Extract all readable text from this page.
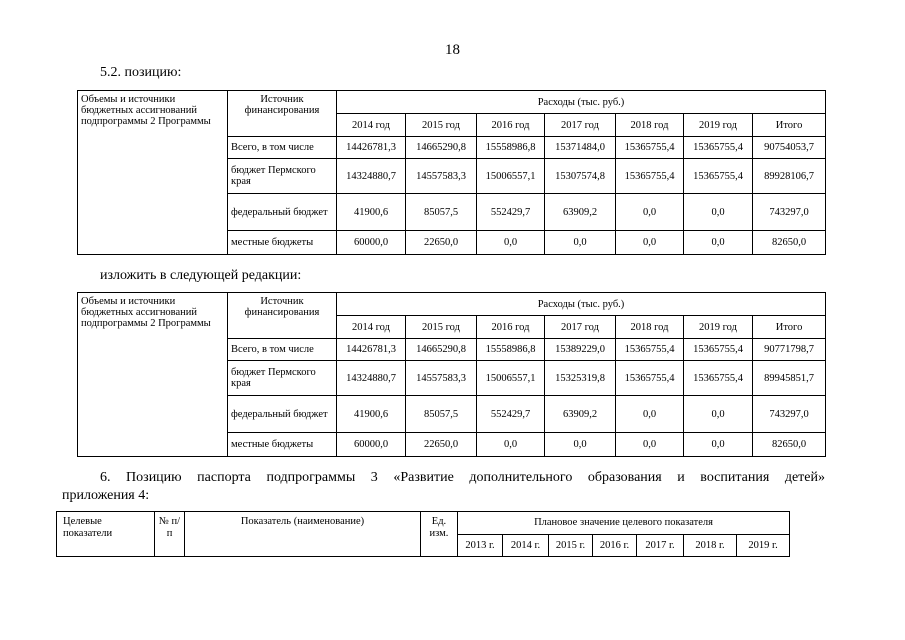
18
5.2. позицию:
Объемы и источники бюджетных ассигнований подпрограммы 2 Программы	Источник финансирования	Расходы (тыс. руб.)						
		2014 год	2015 год	2016 год	2017 год	2018 год	2019 год	Итого
	Всего, в том числе	14426781,3	14665290,8	15558986,8	15371484,0	15365755,4	15365755,4	90754053,7
	бюджет Пермского края	14324880,7	14557583,3	15006557,1	15307574,8	15365755,4	15365755,4	89928106,7
	федеральный бюджет	41900,6	85057,5	552429,7	63909,2	0,0	0,0	743297,0
	местные бюджеты	60000,0	22650,0	0,0	0,0	0,0	0,0	82650,0
изложить в следующей редакции:
Объемы и источники бюджетных ассигнований подпрограммы 2 Программы	Источник финансирования	Расходы (тыс. руб.)						
		2014 год	2015 год	2016 год	2017 год	2018 год	2019 год	Итого
	Всего, в том числе	14426781,3	14665290,8	15558986,8	15389229,0	15365755,4	15365755,4	90771798,7
	бюджет Пермского края	14324880,7	14557583,3	15006557,1	15325319,8	15365755,4	15365755,4	89945851,7
	федеральный бюджет	41900,6	85057,5	552429,7	63909,2	0,0	0,0	743297,0
	местные бюджеты	60000,0	22650,0	0,0	0,0	0,0	0,0	82650,0
6. Позицию паспорта подпрограммы 3 «Развитие дополнительного образования и воспитания детей»
приложения 4:
Целевые показатели	№ п/п	Показатель (наименование)	Ед. изм.	Плановое значение целевого показателя						
				2013 г.	2014 г.	2015 г.	2016 г.	2017 г.	2018 г.	2019 г.
